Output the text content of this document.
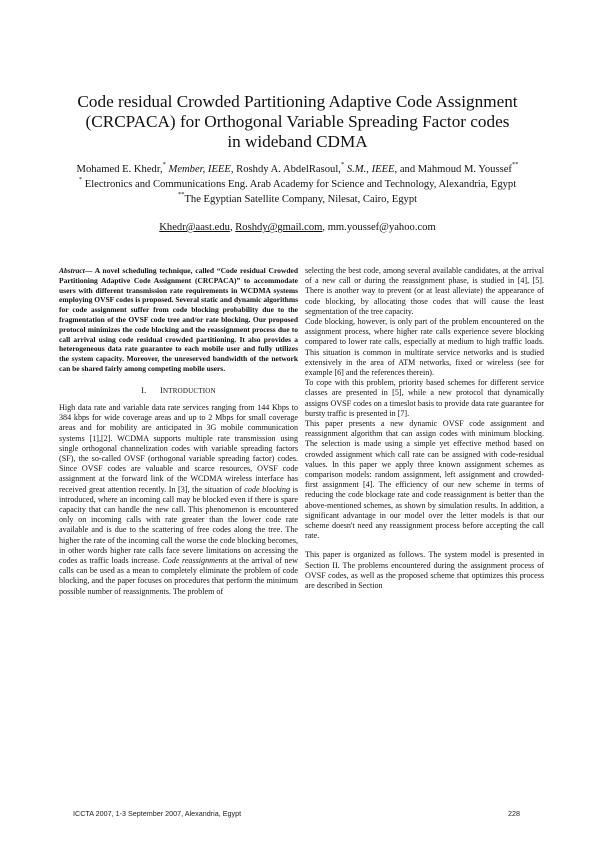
Code residual Crowded Partitioning Adaptive Code Assignment
(CRCPACA) for Orthogonal Variable Spreading Factor codes
in wideband CDMA
Mohamed E. Khedr,* Member, IEEE, Roshdy A. AbdelRasoul,* S.M., IEEE, and Mahmoud M. Youssef**
* Electronics and Communications Eng. Arab Academy for Science and Technology, Alexandria, Egypt
**The Egyptian Satellite Company, Nilesat, Cairo, Egypt
Khedr@aast.edu, Roshdy@gmail.com, mm.youssef@yahoo.com

Abstract— A novel scheduling technique, called “Code residual Crowded Partitioning Adaptive Code Assignment (CRCPACA)” to accommodate users with different transmission rate requirements in WCDMA systems employing OVSF codes is proposed. Several static and dynamic algorithms for code assignment suffer from code blocking probability due to the fragmentation of the OVSF code tree and/or rate blocking. Our proposed protocol minimizes the code blocking and the reassignment process due to call arrival using code residual crowded partitioning. It also provides a heterogeneous data rate guarantee to each mobile user and fully utilizes the system capacity. Moreover, the unreserved bandwidth of the network can be shared fairly among competing mobile users.

I. INTRODUCTION

High data rate and variable data rate services ranging from 144 Kbps to 384 kbps for wide coverage areas and up to 2 Mbps for small coverage areas and for mobility are anticipated in 3G mobile communication systems [1],[2]. WCDMA supports multiple rate transmission using single orthogonal channelization codes with variable spreading factors (SF), the so-called OVSF (orthogonal variable spreading factor) codes. Since OVSF codes are valuable and scarce resources, OVSF code assignment at the forward link of the WCDMA wireless interface has received great attention recently. In [3], the situation of code blocking is introduced, where an incoming call may be blocked even if there is spare capacity that can handle the new call. This phenomenon is encountered only on incoming calls with rate greater than the lower code rate available and is due to the scattering of free codes along the tree. The higher the rate of the incoming call the worse the code blocking becomes, in other words higher rate calls face severe limitations on accessing the codes as traffic loads increase. Code reassignments at the arrival of new calls can be used as a mean to completely eliminate the problem of code blocking, and the paper focuses on procedures that perform the minimum possible number of reassignments. The problem of

selecting the best code, among several available candidates, at the arrival of a new call or during the reassignment phase, is studied in [4], [5]. There is another way to prevent (or at least alleviate) the appearance of code blocking, by allocating those codes that will cause the least segmentation of the tree capacity.

Code blocking, however, is only part of the problem encountered on the assignment process, where higher rate calls experience severe blocking compared to lower rate calls, especially at medium to high traffic loads. This situation is common in multirate service networks and is studied extensively in the area of ATM networks, fixed or wireless (see for example [6] and the references therein).

To cope with this problem, priority based schemes for different service classes are presented in [5], while a new protocol that dynamically assigns OVSF codes on a timeslot basis to provide data rate guarantee for bursty traffic is presented in [7].

This paper presents a new dynamic OVSF code assignment and reassignment algorithm that can assign codes with minimum blocking. The selection is made using a simple yet effective method based on crowded assignment which call rate can be assigned with code-residual values. In this paper we apply three known assignment schemes as comparison models: random assignment, left assignment and crowded-first assignment [4]. The efficiency of our new scheme in terms of reducing the code blockage rate and code reassignment is better than the above-mentioned schemes, as shown by simulation results. In addition, a significant advantage in our model over the letter models is that our scheme doesn't need any reassignment process before accepting the call rate.

This paper is organized as follows. The system model is presented in Section II. The problems encountered during the assignment process of OVSF codes, as well as the proposed scheme that optimizes this process are described in Section

ICCTA 2007, 1-3 September 2007, Alexandria, Egypt	228
